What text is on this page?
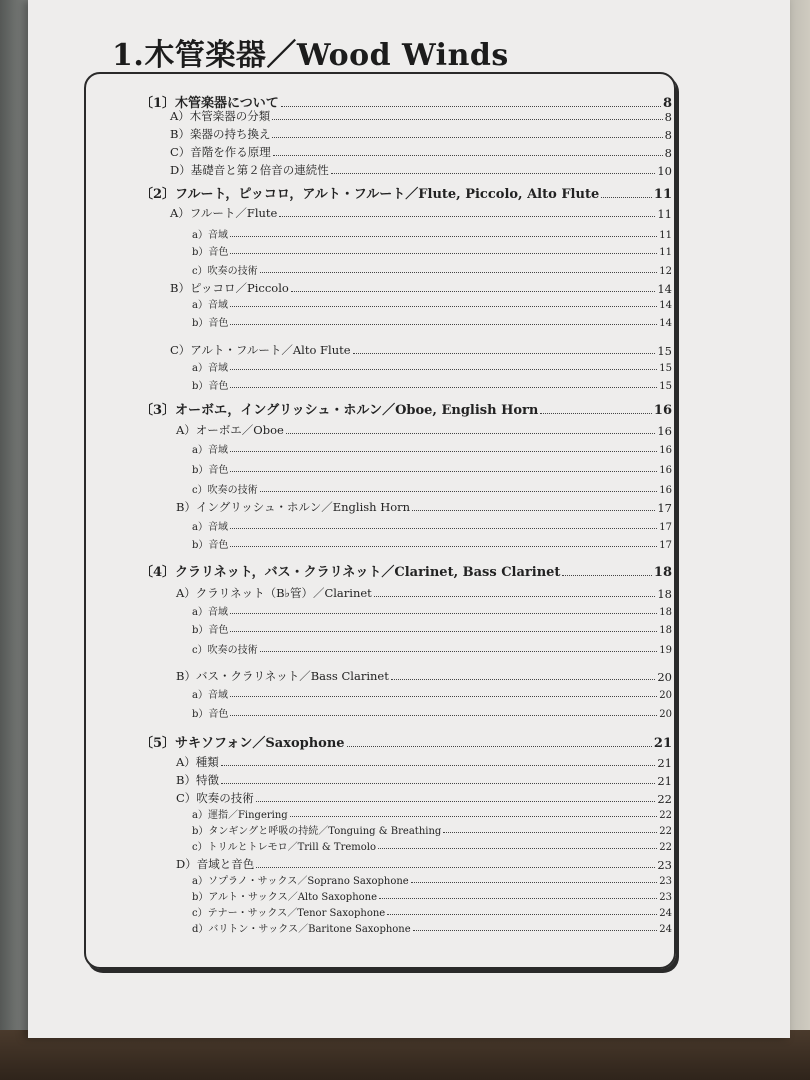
1.木管楽器／Wood Winds
〔1〕木管楽器について	8
A）木管楽器の分類	8
B）楽器の持ち換え	8
C）音階を作る原理	8
D）基礎音と第２倍音の連続性	10
〔2〕フルート，ピッコロ，アルト・フルート／Flute, Piccolo, Alto Flute	11
A）フルート／Flute	11
a）音域	11
b）音色	11
c）吹奏の技術	12
B）ピッコロ／Piccolo	14
a）音域	14
b）音色	14
C）アルト・フルート／Alto Flute	15
a）音域	15
b）音色	15
〔3〕オーボエ，イングリッシュ・ホルン／Oboe, English Horn	16
A）オーボエ／Oboe	16
a）音域	16
b）音色	16
c）吹奏の技術	16
B）イングリッシュ・ホルン／English Horn	17
a）音域	17
b）音色	17
〔4〕クラリネット，バス・クラリネット／Clarinet, Bass Clarinet	18
A）クラリネット（B♭管）／Clarinet	18
a）音域	18
b）音色	18
c）吹奏の技術	19
B）バス・クラリネット／Bass Clarinet	20
a）音域	20
b）音色	20
〔5〕サキソフォン／Saxophone	21
A）種類	21
B）特徴	21
C）吹奏の技術	22
a）運指／Fingering	22
b）タンギングと呼吸の持続／Tonguing & Breathing	22
c）トリルとトレモロ／Trill & Tremolo	22
D）音域と音色	23
a）ソプラノ・サックス／Soprano Saxophone	23
b）アルト・サックス／Alto Saxophone	23
c）テナー・サックス／Tenor Saxophone	24
d）バリトン・サックス／Baritone Saxophone	24
